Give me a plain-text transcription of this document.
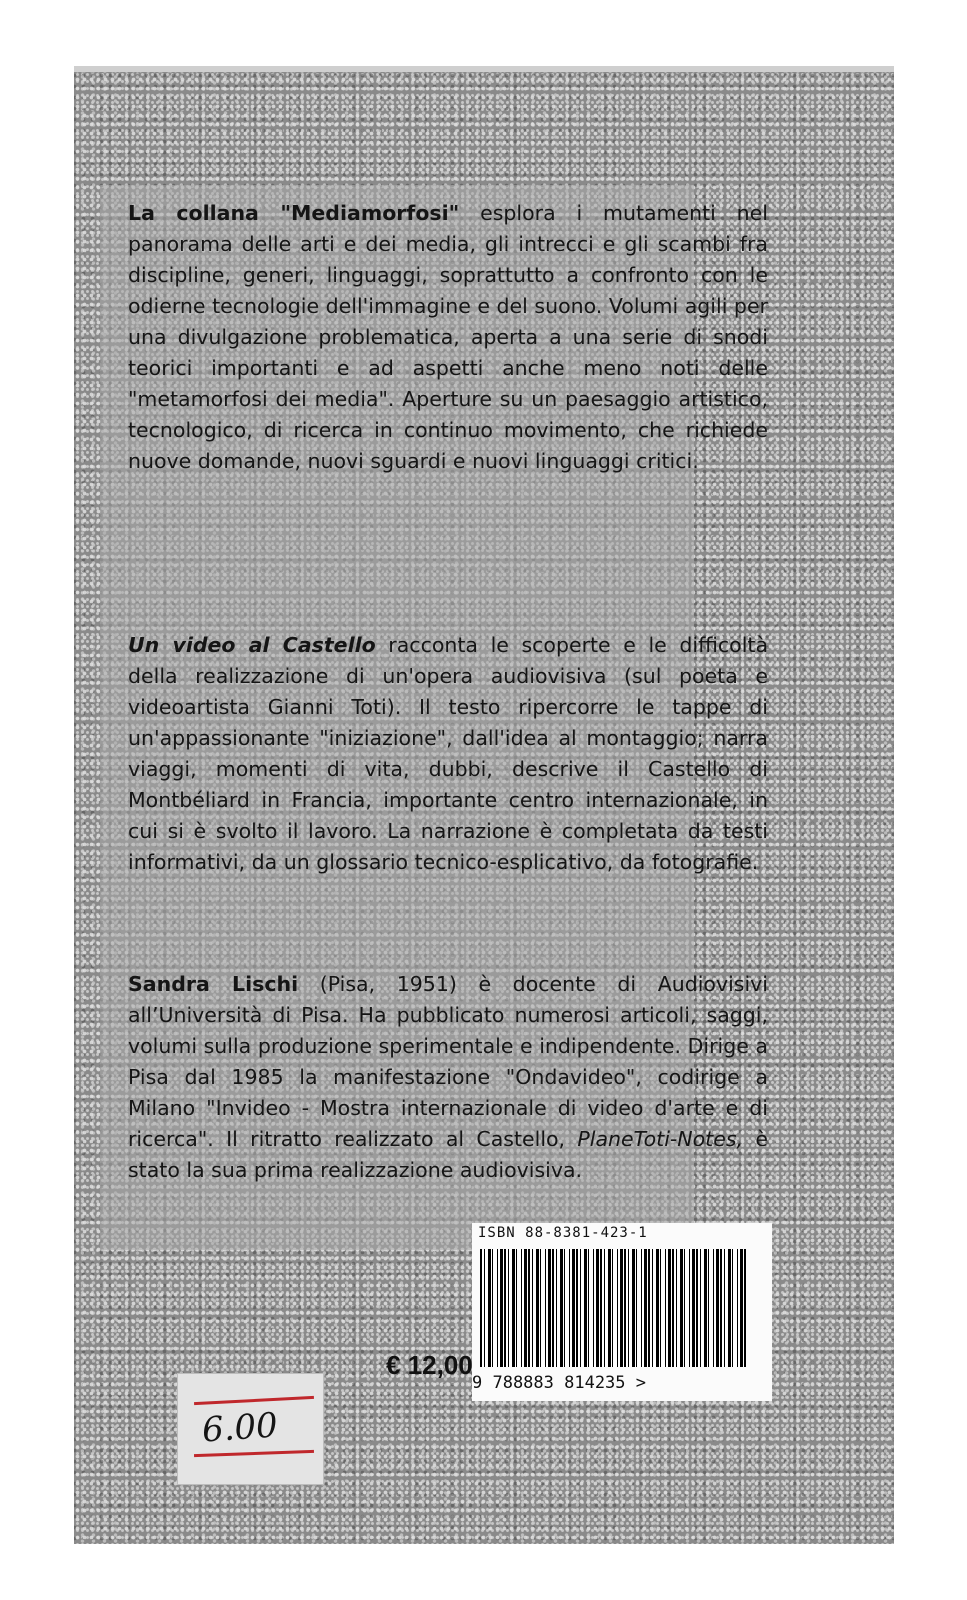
La collana "Mediamorfosi" esplora i mutamenti nel panorama delle arti e dei media, gli intrecci e gli scambi fra discipline, generi, linguaggi, soprattutto a confronto con le odierne tecnologie dell'immagine e del suono. Volumi agili per una divulgazione problematica, aperta a una serie di snodi teorici importanti e ad aspetti anche meno noti delle "metamorfosi dei media". Aperture su un paesaggio artistico, tecnologico, di ricerca in continuo movimento, che richiede nuove domande, nuovi sguardi e nuovi linguaggi critici.

Un video al Castello racconta le scoperte e le difficoltà della realizzazione di un'opera audiovisiva (sul poeta e videoartista Gianni Toti). Il testo ripercorre le tappe di un'appassionante "iniziazione", dall'idea al montaggio; narra viaggi, momenti di vita, dubbi, descrive il Castello di Montbéliard in Francia, importante centro internazionale, in cui si è svolto il lavoro. La narrazione è completata da testi informativi, da un glossario tecnico-esplicativo, da fotografie.

Sandra Lischi (Pisa, 1951) è docente di Audiovisivi all’Università di Pisa. Ha pubblicato numerosi articoli, saggi, volumi sulla produzione sperimentale e indipendente. Dirige a Pisa dal 1985 la manifestazione "Ondavideo", codirige a Milano "Invideo - Mostra internazionale di video d'arte e di ricerca". Il ritratto realizzato al Castello, PlaneToti-Notes, è stato la sua prima realizzazione audiovisiva.

ISBN 88-8381-423-1
9 788883 814235 >
€ 12,00
6.00
